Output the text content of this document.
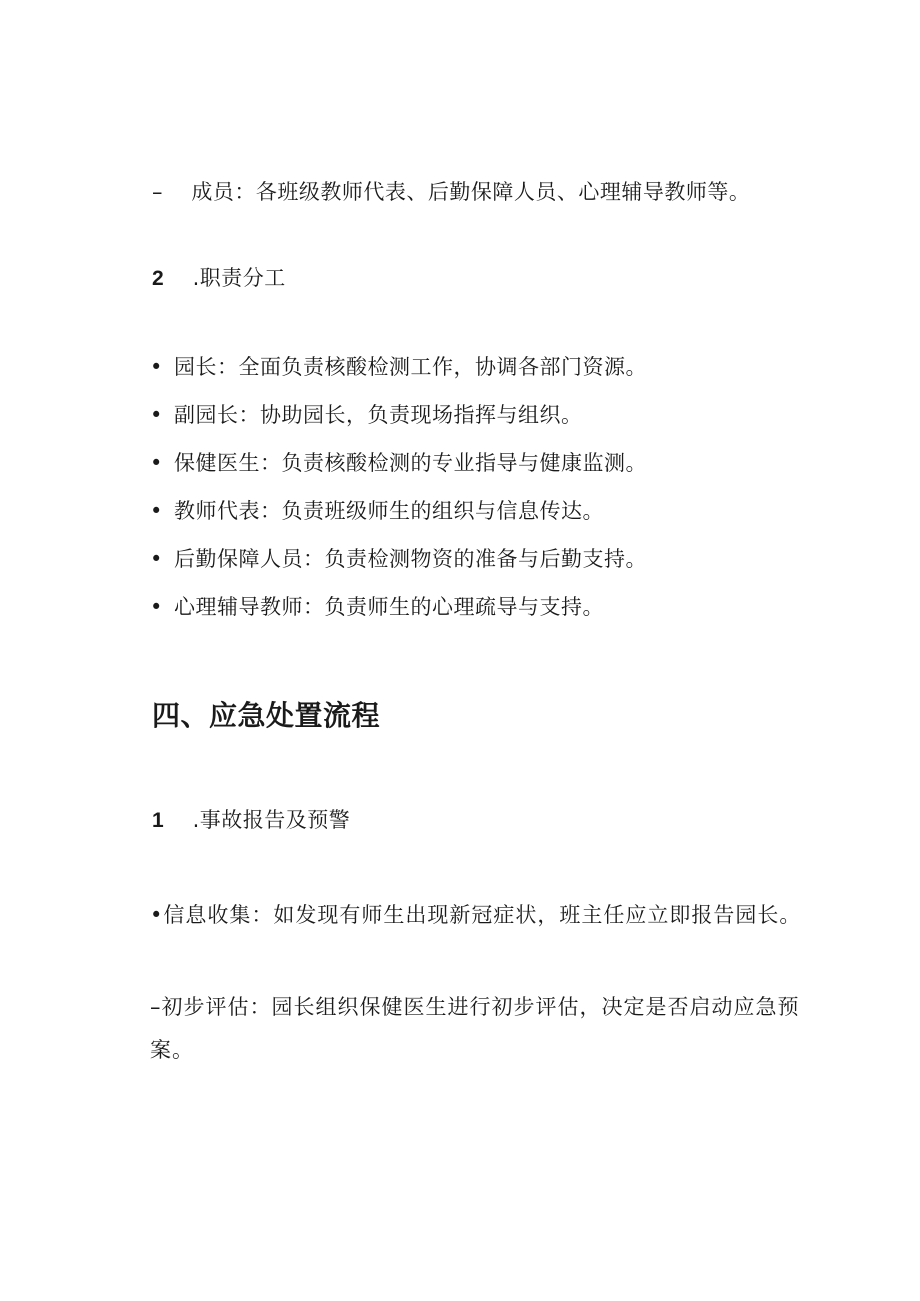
– 成员：各班级教师代表、后勤保障人员、心理辅导教师等。
2 .职责分工
• 园长：全面负责核酸检测工作，协调各部门资源。
• 副园长：协助园长，负责现场指挥与组织。
• 保健医生：负责核酸检测的专业指导与健康监测。
• 教师代表：负责班级师生的组织与信息传达。
• 后勤保障人员：负责检测物资的准备与后勤支持。
• 心理辅导教师：负责师生的心理疏导与支持。
四、应急处置流程
1 .事故报告及预警
•信息收集：如发现有师生出现新冠症状，班主任应立即报告园长。
–初步评估：园长组织保健医生进行初步评估，决定是否启动应急预案。
